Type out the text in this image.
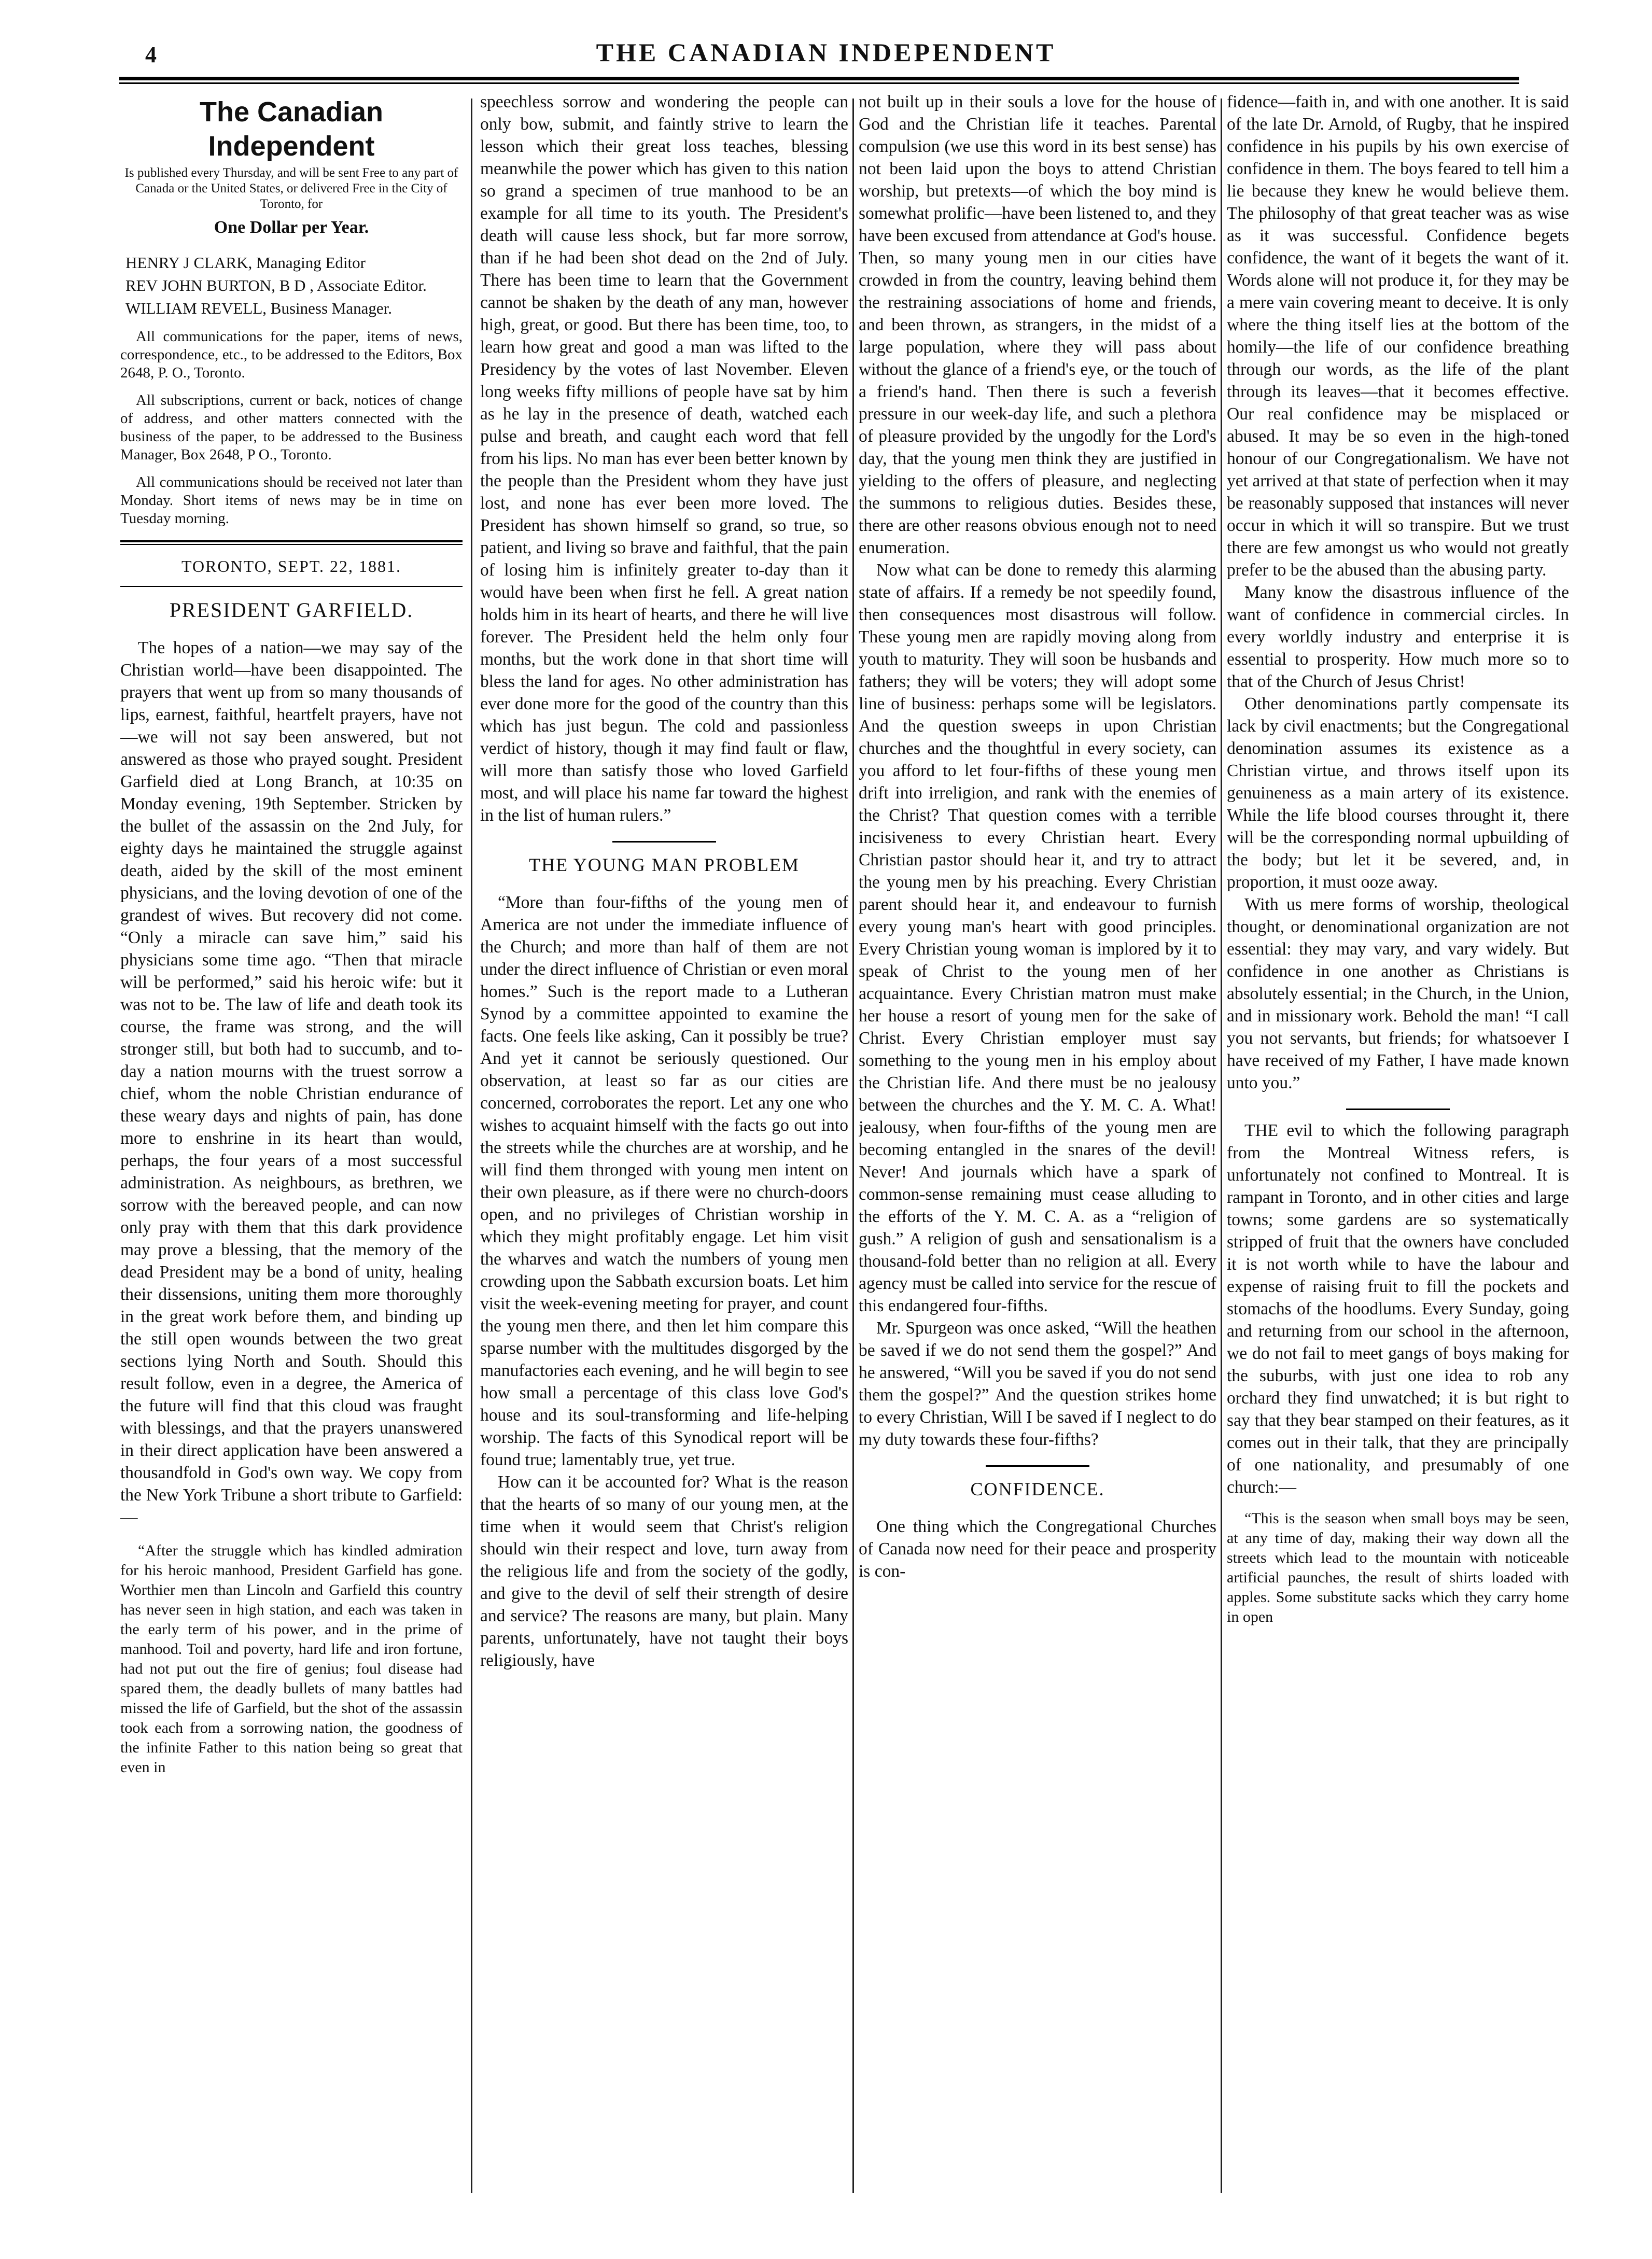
4	THE CANADIAN INDEPENDENT
The Canadian Independent
Is published every Thursday, and will be sent Free to any part of Canada or the United States, or delivered Free in the City of Toronto, for
One Dollar per Year.
HENRY J CLARK, Managing Editor
REV JOHN BURTON, B D , Associate Editor.
WILLIAM REVELL, Business Manager.
All communications for the paper, items of news, correspondence, etc., to be addressed to the Editors, Box 2648, P. O., Toronto.
All subscriptions, current or back, notices of change of address, and other matters connected with the business of the paper, to be addressed to the Business Manager, Box 2648, P O., Toronto.
All communications should be received not later than Monday. Short items of news may be in time on Tuesday morning.
TORONTO, SEPT. 22, 1881.
PRESIDENT GARFIELD.

The hopes of a nation—we may say of the Christian world—have been disappointed. The prayers that went up from so many thousands of lips, earnest, faithful, heartfelt prayers, have not—we will not say been answered, but not answered as those who prayed sought. President Garfield died at Long Branch, at 10:35 on Monday evening, 19th September. Stricken by the bullet of the assassin on the 2nd July, for eighty days he maintained the struggle against death, aided by the skill of the most eminent physicians, and the loving devotion of one of the grandest of wives. But recovery did not come. “Only a miracle can save him,” said his physicians some time ago. “Then that miracle will be performed,” said his heroic wife: but it was not to be. The law of life and death took its course, the frame was strong, and the will stronger still, but both had to succumb, and to-day a nation mourns with the truest sorrow a chief, whom the noble Christian endurance of these weary days and nights of pain, has done more to enshrine in its heart than would, perhaps, the four years of a most successful administration. As neighbours, as brethren, we sorrow with the bereaved people, and can now only pray with them that this dark providence may prove a blessing, that the memory of the dead President may be a bond of unity, healing their dissensions, uniting them more thoroughly in the great work before them, and binding up the still open wounds between the two great sections lying North and South. Should this result follow, even in a degree, the America of the future will find that this cloud was fraught with blessings, and that the prayers unanswered in their direct application have been answered a thousandfold in God's own way. We copy from the New York Tribune a short tribute to Garfield:—

“After the struggle which has kindled admiration for his heroic manhood, President Garfield has gone. Worthier men than Lincoln and Garfield this country has never seen in high station, and each was taken in the early term of his power, and in the prime of manhood. Toil and poverty, hard life and iron fortune, had not put out the fire of genius; foul disease had spared them, the deadly bullets of many battles had missed the life of Garfield, but the shot of the assassin took each from a sorrowing nation, the goodness of the infinite Father to this nation being so great that even in

speechless sorrow and wondering the people can only bow, submit, and faintly strive to learn the lesson which their great loss teaches, blessing meanwhile the power which has given to this nation so grand a specimen of true manhood to be an example for all time to its youth. The President's death will cause less shock, but far more sorrow, than if he had been shot dead on the 2nd of July. There has been time to learn that the Government cannot be shaken by the death of any man, however high, great, or good. But there has been time, too, to learn how great and good a man was lifted to the Presidency by the votes of last November. Eleven long weeks fifty millions of people have sat by him as he lay in the presence of death, watched each pulse and breath, and caught each word that fell from his lips. No man has ever been better known by the people than the President whom they have just lost, and none has ever been more loved. The President has shown himself so grand, so true, so patient, and living so brave and faithful, that the pain of losing him is infinitely greater to-day than it would have been when first he fell. A great nation holds him in its heart of hearts, and there he will live forever. The President held the helm only four months, but the work done in that short time will bless the land for ages. No other administration has ever done more for the good of the country than this which has just begun. The cold and passionless verdict of history, though it may find fault or flaw, will more than satisfy those who loved Garfield most, and will place his name far toward the highest in the list of human rulers.”

THE YOUNG MAN PROBLEM

“More than four-fifths of the young men of America are not under the immediate influence of the Church; and more than half of them are not under the direct influence of Christian or even moral homes.” Such is the report made to a Lutheran Synod by a committee appointed to examine the facts. One feels like asking, Can it possibly be true? And yet it cannot be seriously questioned. Our observation, at least so far as our cities are concerned, corroborates the report. Let any one who wishes to acquaint himself with the facts go out into the streets while the churches are at worship, and he will find them thronged with young men intent on their own pleasure, as if there were no church-doors open, and no privileges of Christian worship in which they might profitably engage. Let him visit the wharves and watch the numbers of young men crowding upon the Sabbath excursion boats. Let him visit the week-evening meeting for prayer, and count the young men there, and then let him compare this sparse number with the multitudes disgorged by the manufactories each evening, and he will begin to see how small a percentage of this class love God's house and its soul-transforming and life-helping worship. The facts of this Synodical report will be found true; lamentably true, yet true.

How can it be accounted for? What is the reason that the hearts of so many of our young men, at the time when it would seem that Christ's religion should win their respect and love, turn away from the religious life and from the society of the godly, and give to the devil of self their strength of desire and service? The reasons are many, but plain. Many parents, unfortunately, have not taught their boys religiously, have

not built up in their souls a love for the house of God and the Christian life it teaches. Parental compulsion (we use this word in its best sense) has not been laid upon the boys to attend Christian worship, but pretexts—of which the boy mind is somewhat prolific—have been listened to, and they have been excused from attendance at God's house. Then, so many young men in our cities have crowded in from the country, leaving behind them the restraining associations of home and friends, and been thrown, as strangers, in the midst of a large population, where they will pass about without the glance of a friend's eye, or the touch of a friend's hand. Then there is such a feverish pressure in our week-day life, and such a plethora of pleasure provided by the ungodly for the Lord's day, that the young men think they are justified in yielding to the offers of pleasure, and neglecting the summons to religious duties. Besides these, there are other reasons obvious enough not to need enumeration.

Now what can be done to remedy this alarming state of affairs. If a remedy be not speedily found, then consequences most disastrous will follow. These young men are rapidly moving along from youth to maturity. They will soon be husbands and fathers; they will be voters; they will adopt some line of business: perhaps some will be legislators. And the question sweeps in upon Christian churches and the thoughtful in every society, can you afford to let four-fifths of these young men drift into irreligion, and rank with the enemies of the Christ? That question comes with a terrible incisiveness to every Christian heart. Every Christian pastor should hear it, and try to attract the young men by his preaching. Every Christian parent should hear it, and endeavour to furnish every young man's heart with good principles. Every Christian young woman is implored by it to speak of Christ to the young men of her acquaintance. Every Christian matron must make her house a resort of young men for the sake of Christ. Every Christian employer must say something to the young men in his employ about the Christian life. And there must be no jealousy between the churches and the Y. M. C. A. What! jealousy, when four-fifths of the young men are becoming entangled in the snares of the devil! Never! And journals which have a spark of common-sense remaining must cease alluding to the efforts of the Y. M. C. A. as a “religion of gush.” A religion of gush and sensationalism is a thousand-fold better than no religion at all. Every agency must be called into service for the rescue of this endangered four-fifths.

Mr. Spurgeon was once asked, “Will the heathen be saved if we do not send them the gospel?” And he answered, “Will you be saved if you do not send them the gospel?” And the question strikes home to every Christian, Will I be saved if I neglect to do my duty towards these four-fifths?

CONFIDENCE.

One thing which the Congregational Churches of Canada now need for their peace and prosperity is con-

fidence—faith in, and with one another. It is said of the late Dr. Arnold, of Rugby, that he inspired confidence in his pupils by his own exercise of confidence in them. The boys feared to tell him a lie because they knew he would believe them. The philosophy of that great teacher was as wise as it was successful. Confidence begets confidence, the want of it begets the want of it. Words alone will not produce it, for they may be a mere vain covering meant to deceive. It is only where the thing itself lies at the bottom of the homily—the life of our confidence breathing through our words, as the life of the plant through its leaves—that it becomes effective. Our real confidence may be misplaced or abused. It may be so even in the high-toned honour of our Congregationalism. We have not yet arrived at that state of perfection when it may be reasonably supposed that instances will never occur in which it will so transpire. But we trust there are few amongst us who would not greatly prefer to be the abused than the abusing party.

Many know the disastrous influence of the want of confidence in commercial circles. In every worldly industry and enterprise it is essential to prosperity. How much more so to that of the Church of Jesus Christ!

Other denominations partly compensate its lack by civil enactments; but the Congregational denomination assumes its existence as a Christian virtue, and throws itself upon its genuineness as a main artery of its existence. While the life blood courses throught it, there will be the corresponding normal upbuilding of the body; but let it be severed, and, in proportion, it must ooze away.

With us mere forms of worship, theological thought, or denominational organization are not essential: they may vary, and vary widely. But confidence in one another as Christians is absolutely essential; in the Church, in the Union, and in missionary work. Behold the man! “I call you not servants, but friends; for whatsoever I have received of my Father, I have made known unto you.”

THE evil to which the following paragraph from the Montreal Witness refers, is unfortunately not confined to Montreal. It is rampant in Toronto, and in other cities and large towns; some gardens are so systematically stripped of fruit that the owners have concluded it is not worth while to have the labour and expense of raising fruit to fill the pockets and stomachs of the hoodlums. Every Sunday, going and returning from our school in the afternoon, we do not fail to meet gangs of boys making for the suburbs, with just one idea to rob any orchard they find unwatched; it is but right to say that they bear stamped on their features, as it comes out in their talk, that they are principally of one nationality, and presumably of one church:—

“This is the season when small boys may be seen, at any time of day, making their way down all the streets which lead to the mountain with noticeable artificial paunches, the result of shirts loaded with apples. Some substitute sacks which they carry home in open
